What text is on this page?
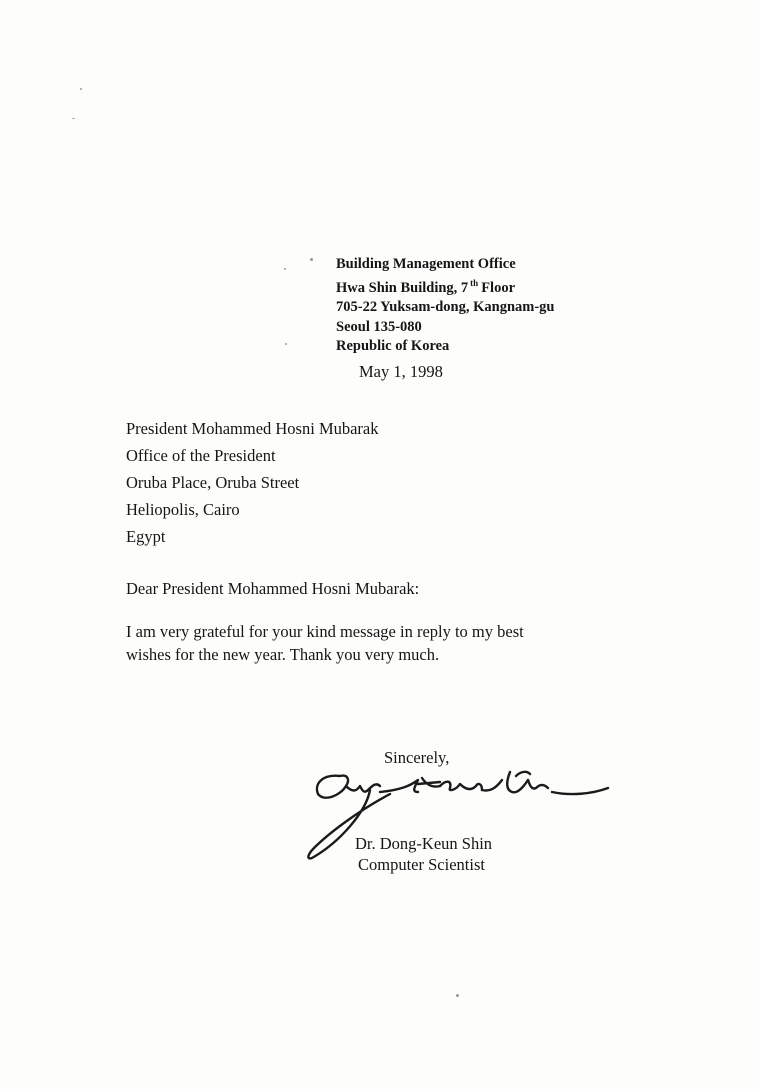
Building Management Office
Hwa Shin Building, 7 $^{th}$ Floor
705-22 Yuksam-dong, Kangnam-gu
Seoul 135-080
Republic of Korea
May 1, 1998
President Mohammed Hosni Mubarak
Office of the President
Oruba Place, Oruba Street
Heliopolis, Cairo
Egypt
Dear President Mohammed Hosni Mubarak:
I am very grateful for your kind message in reply to my best
wishes for the new year. Thank you very much.
Sincerely,
Dr. Dong-Keun Shin
Computer Scientist
